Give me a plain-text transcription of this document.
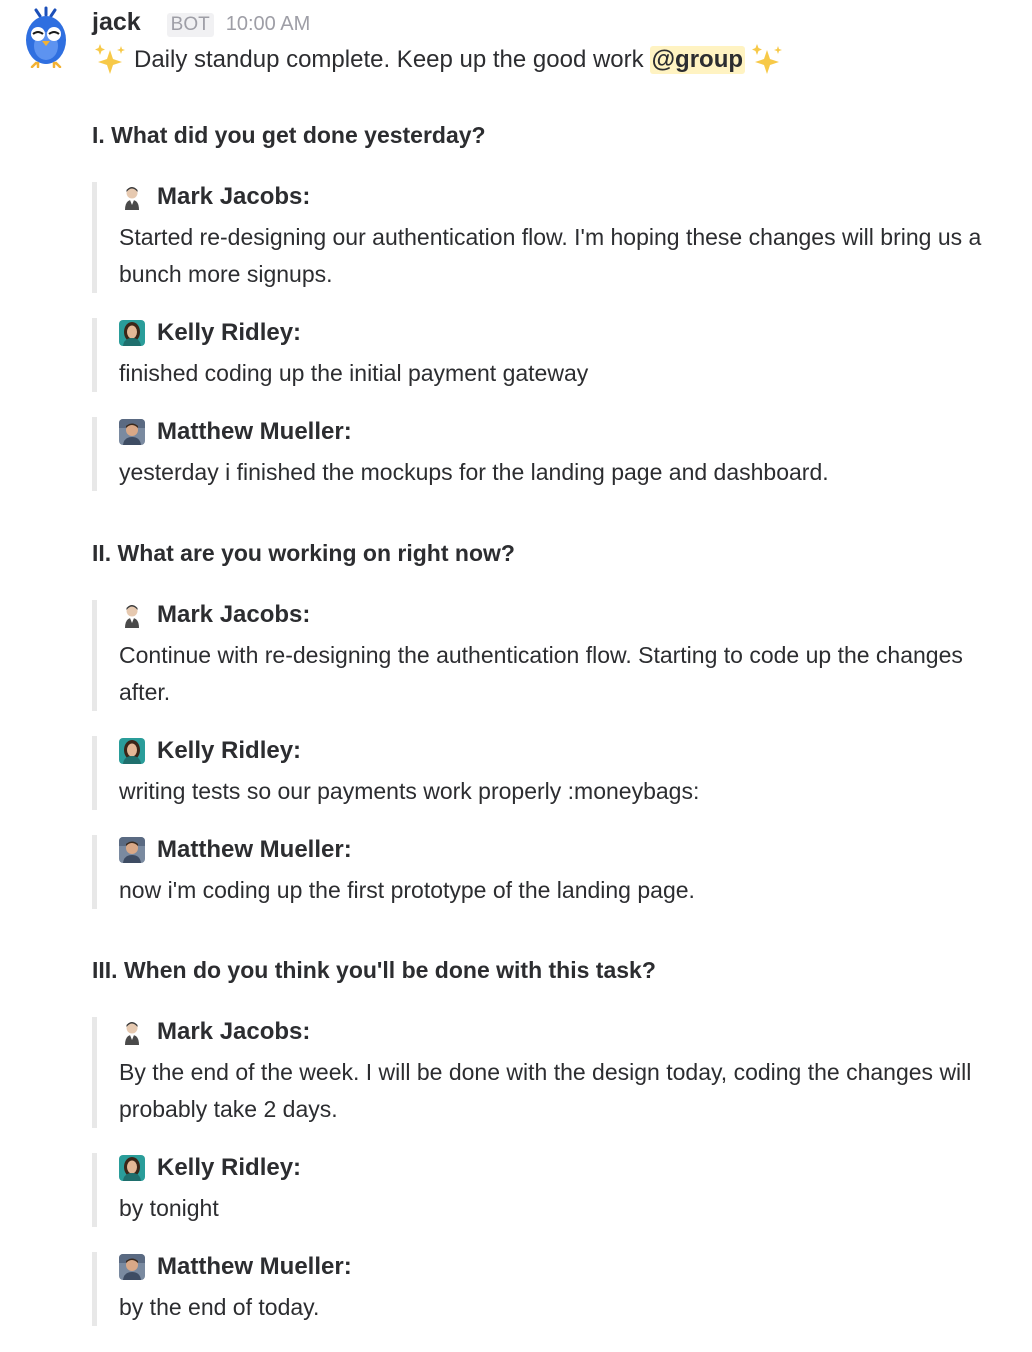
jack BOT 10:00 AM
Daily standup complete. Keep up the good work @group
I. What did you get done yesterday?
Mark Jacobs:
Started re-designing our authentication flow. I'm hoping these changes will bring us a bunch more signups.
Kelly Ridley:
finished coding up the initial payment gateway
Matthew Mueller:
yesterday i finished the mockups for the landing page and dashboard.
II. What are you working on right now?
Mark Jacobs:
Continue with re-designing the authentication flow. Starting to code up the changes after.
Kelly Ridley:
writing tests so our payments work properly :moneybags:
Matthew Mueller:
now i'm coding up the first prototype of the landing page.
III. When do you think you'll be done with this task?
Mark Jacobs:
By the end of the week. I will be done with the design today, coding the changes will probably take 2 days.
Kelly Ridley:
by tonight
Matthew Mueller:
by the end of today.
